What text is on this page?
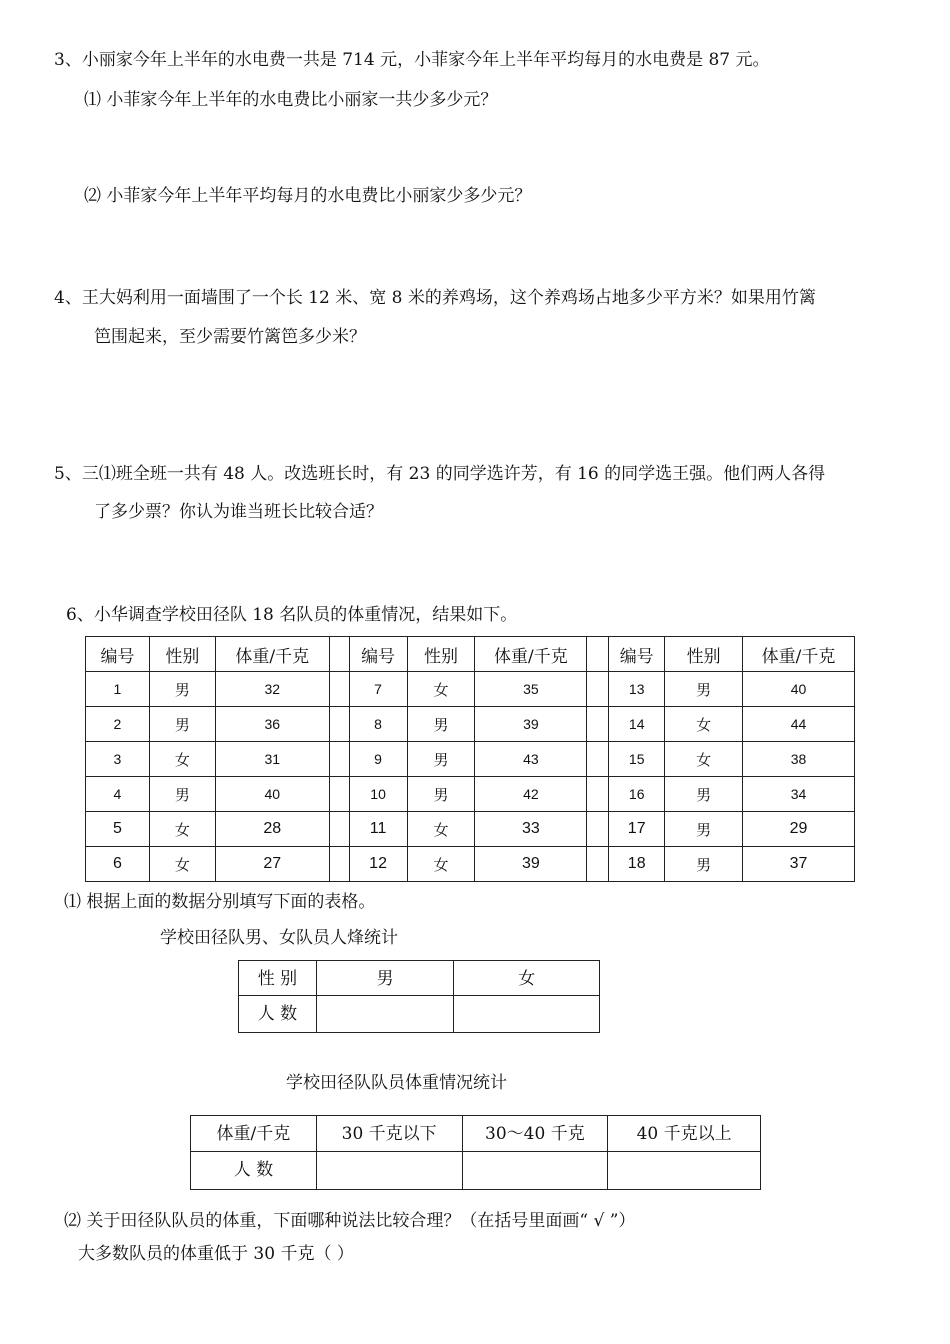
3、小丽家今年上半年的水电费一共是 714 元，小菲家今年上半年平均每月的水电费是 87 元。
⑴ 小菲家今年上半年的水电费比小丽家一共少多少元？
⑵ 小菲家今年上半年平均每月的水电费比小丽家少多少元？
4、王大妈利用一面墙围了一个长 12 米、宽 8 米的养鸡场，这个养鸡场占地多少平方米？如果用竹篱
笆围起来，至少需要竹篱笆多少米？
5、三⑴班全班一共有 48 人。改选班长时，有 23 的同学选许芳，有 16 的同学选王强。他们两人各得
了多少票？你认为谁当班长比较合适？
6、小华调查学校田径队 18 名队员的体重情况，结果如下。
编号	性别	体重/千克		编号	性别	体重/千克		编号	性别	体重/千克
1	男	32		7	女	35		13	男	40
2	男	36		8	男	39		14	女	44
3	女	31		9	男	43		15	女	38
4	男	40		10	男	42		16	男	34
5	女	28		11	女	33		17	男	29
6	女	27		12	女	39		18	男	37
⑴ 根据上面的数据分别填写下面的表格。
学校田径队男、女队员人烽统计
性 别	男	女
人 数		
学校田径队队员体重情况统计
体重/千克	30 千克以下	30～40 千克	40 千克以上
人 数			
⑵ 关于田径队队员的体重，下面哪种说法比较合理？（在括号里面画“ √ ”）
大多数队员的体重低于 30 千克（ ）
